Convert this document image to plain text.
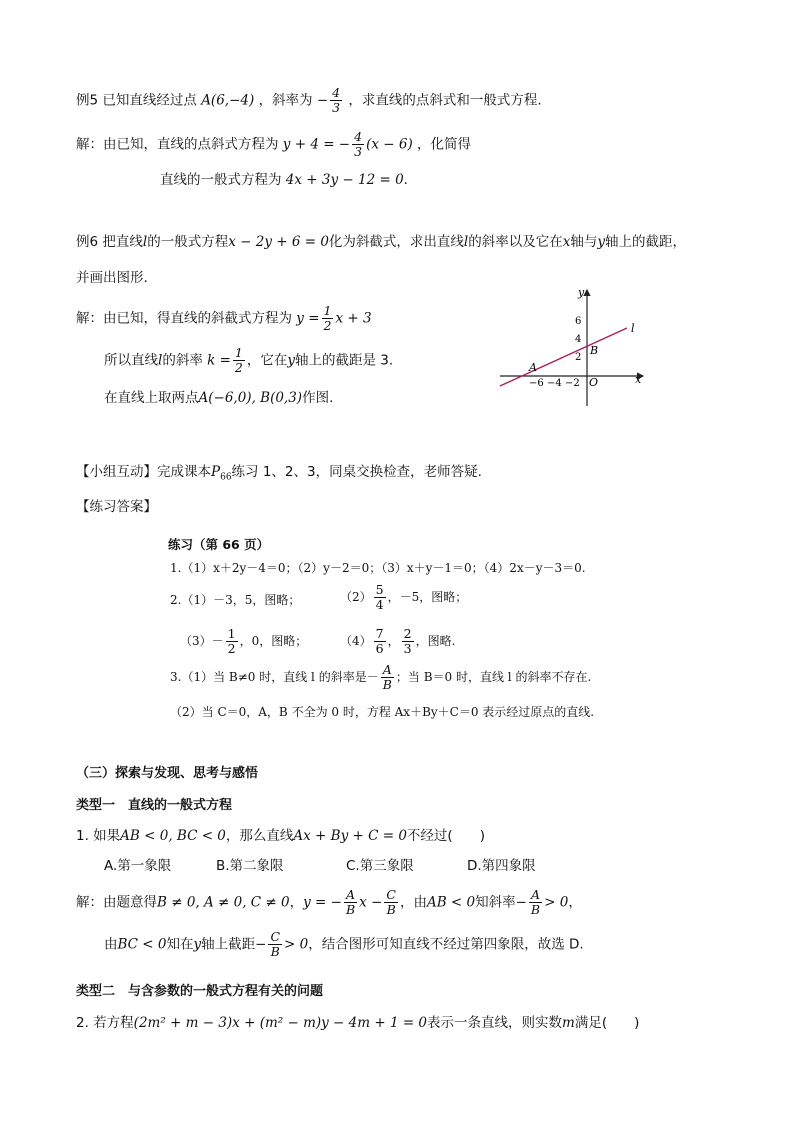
例5 已知直线经过点 A(6,−4) ，斜率为 − $\frac{4}{3}$ ，求直线的点斜式和一般式方程.
解：由已知，直线的点斜式方程为 y + 4 = − $\frac{4}{3} (x - 6)$ ，化简得
直线的一般式方程为 4x + 3y − 12 = 0.
例6 把直线l的一般式方程x − 2y + 6 = 0化为斜截式，求出直线l的斜率以及它在x轴与y轴上的截距，
并画出图形.
解：由已知，得直线的斜截式方程为 $y = \frac{1}{2}$ x + 3
所以直线l的斜率 $k = \frac{1}{2}$ ，它在y轴上的截距是 3.
在直线上取两点A(−6,0), B(0,3)作图.
y
x
O
l
A
B
6
4
2
−6 −4 −2
【小组互动】完成课本$P_{66}$练习 1、2、3，同桌交换检查，老师答疑.
【练习答案】
练习（第 66 页）
1.（1）x＋2y－4＝0；（2）y－2＝0；（3）x＋y－1＝0；（4）2x－y－3＝0.
2.（1）－3，5，图略；	$(2) \frac{5}{4}$ ，－5，图略；
$(3)- \frac{1}{2}$ ，0，图略；	$(4) \frac{7}{6}$ ， $\frac{2}{3}$ ，图略.
3.（1）当 B≠0 时，直线 l 的斜率是－ $\frac{A}{B}$ ；当 B＝0 时，直线 l 的斜率不存在.
（2）当 C＝0，A，B 不全为 0 时，方程 Ax＋By＋C＝0 表示经过原点的直线.
（三）探索与发现、思考与感悟
类型一　直线的一般式方程
1. 如果AB < 0, BC < 0，那么直线Ax + By + C = 0不经过(　　)
A.第一象限	B.第二象限	C.第三象限	D.第四象限
解：由题意得B ≠ 0, A ≠ 0, C ≠ 0，y = − $\frac{A}{B}$ $x - \frac{C}{B}$ ，由AB < 0知斜率− $\frac{A}{B} > 0$，
由BC < 0知在y轴上截距− $\frac{C}{B} > 0$，结合图形可知直线不经过第四象限，故选 D.
类型二　与含参数的一般式方程有关的问题
2. 若方程(2m² + m − 3)x + (m² − m)y − 4m + 1 = 0表示一条直线，则实数m满足(　　)
